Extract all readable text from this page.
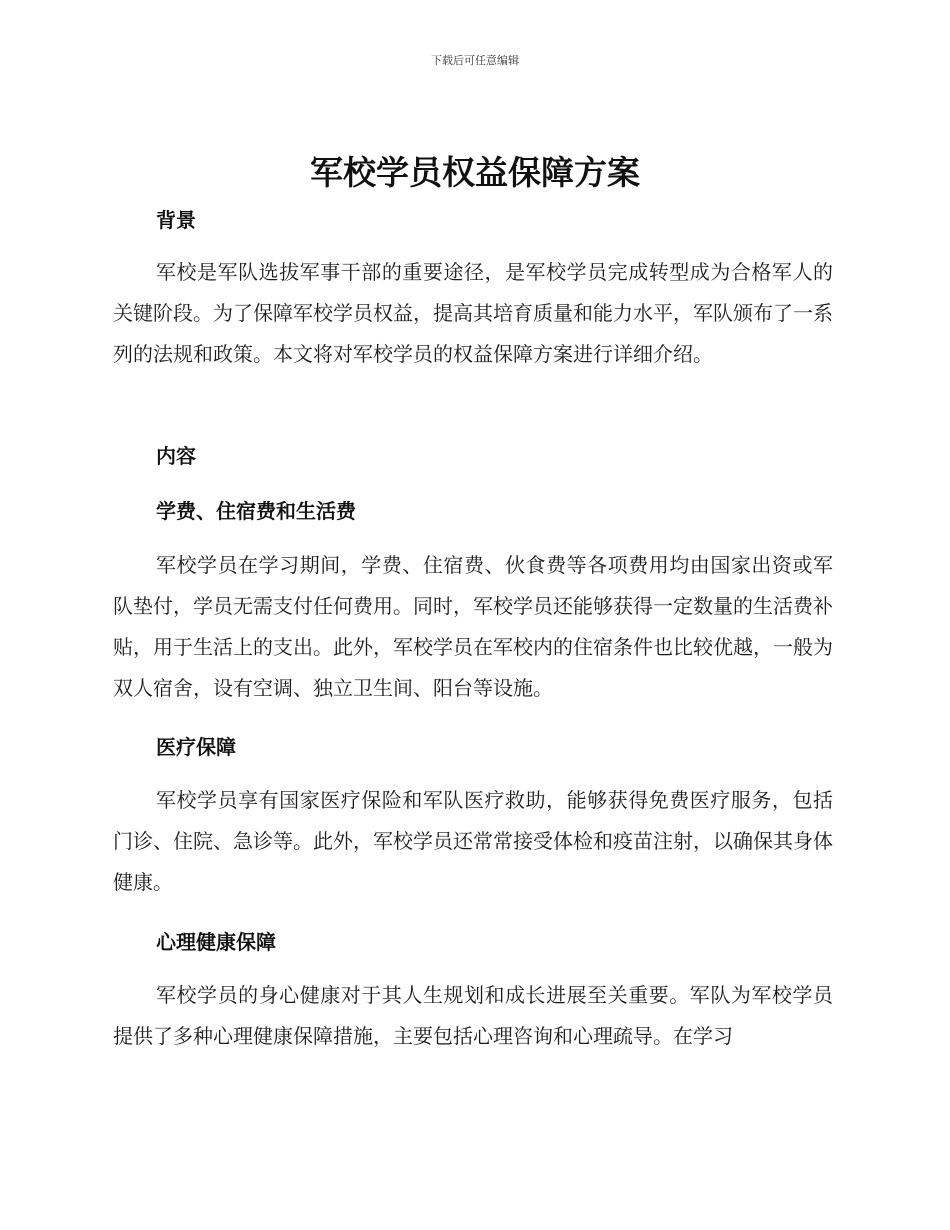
下载后可任意编辑
军校学员权益保障方案
背景

军校是军队选拔军事干部的重要途径，是军校学员完成转型成为合格军人的关键阶段。为了保障军校学员权益，提高其培育质量和能力水平，军队颁布了一系列的法规和政策。本文将对军校学员的权益保障方案进行详细介绍。

内容
学费、住宿费和生活费

军校学员在学习期间，学费、住宿费、伙食费等各项费用均由国家出资或军队垫付，学员无需支付任何费用。同时，军校学员还能够获得一定数量的生活费补贴，用于生活上的支出。此外，军校学员在军校内的住宿条件也比较优越，一般为双人宿舍，设有空调、独立卫生间、阳台等设施。

医疗保障

军校学员享有国家医疗保险和军队医疗救助，能够获得免费医疗服务，包括门诊、住院、急诊等。此外，军校学员还常常接受体检和疫苗注射，以确保其身体健康。

心理健康保障

军校学员的身心健康对于其人生规划和成长进展至关重要。军队为军校学员提供了多种心理健康保障措施，主要包括心理咨询和心理疏导。在学习
